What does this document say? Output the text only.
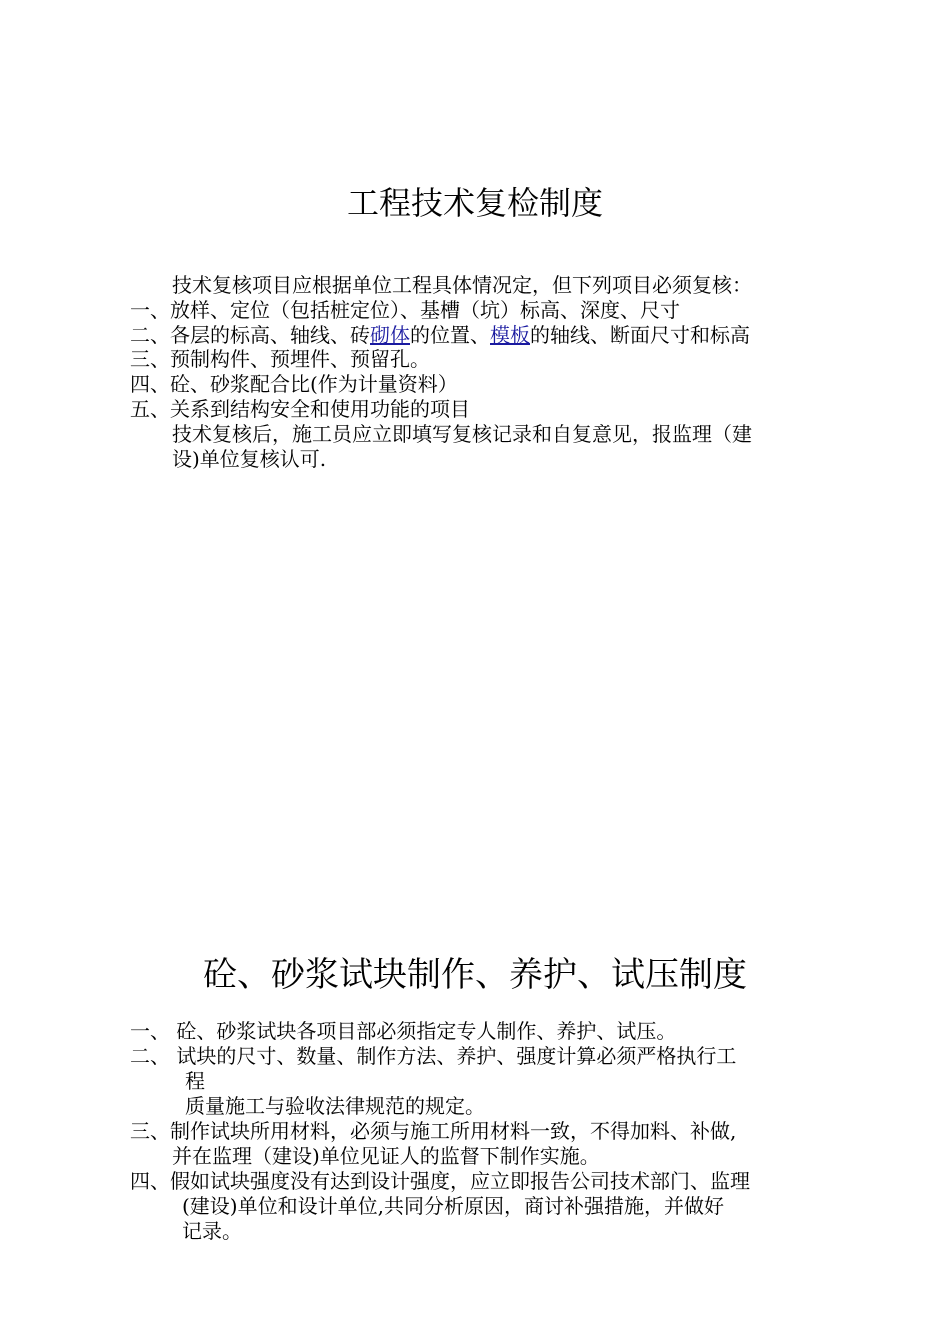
工程技术复检制度
技术复核项目应根据单位工程具体情况定，但下列项目必须复核：
一、放样、定位（包括桩定位）、基槽（坑）标高、深度、尺寸
二、各层的标高、轴线、砖砌体的位置、模板的轴线、断面尺寸和标高
三、预制构件、预埋件、预留孔。
四、砼、砂浆配合比(作为计量资料）
五、关系到结构安全和使用功能的项目
技术复核后，施工员应立即填写复核记录和自复意见，报监理（建
设)单位复核认可.
砼、砂浆试块制作、养护、试压制度
一、 砼、砂浆试块各项目部必须指定专人制作、养护、试压。
二、 试块的尺寸、数量、制作方法、养护、强度计算必须严格执行工
程
质量施工与验收法律规范的规定。
三、制作试块所用材料，必须与施工所用材料一致，不得加料、补做,
并在监理（建设)单位见证人的监督下制作实施。
四、假如试块强度没有达到设计强度，应立即报告公司技术部门、监理
(建设)单位和设计单位,共同分析原因，商讨补强措施，并做好
记录。
